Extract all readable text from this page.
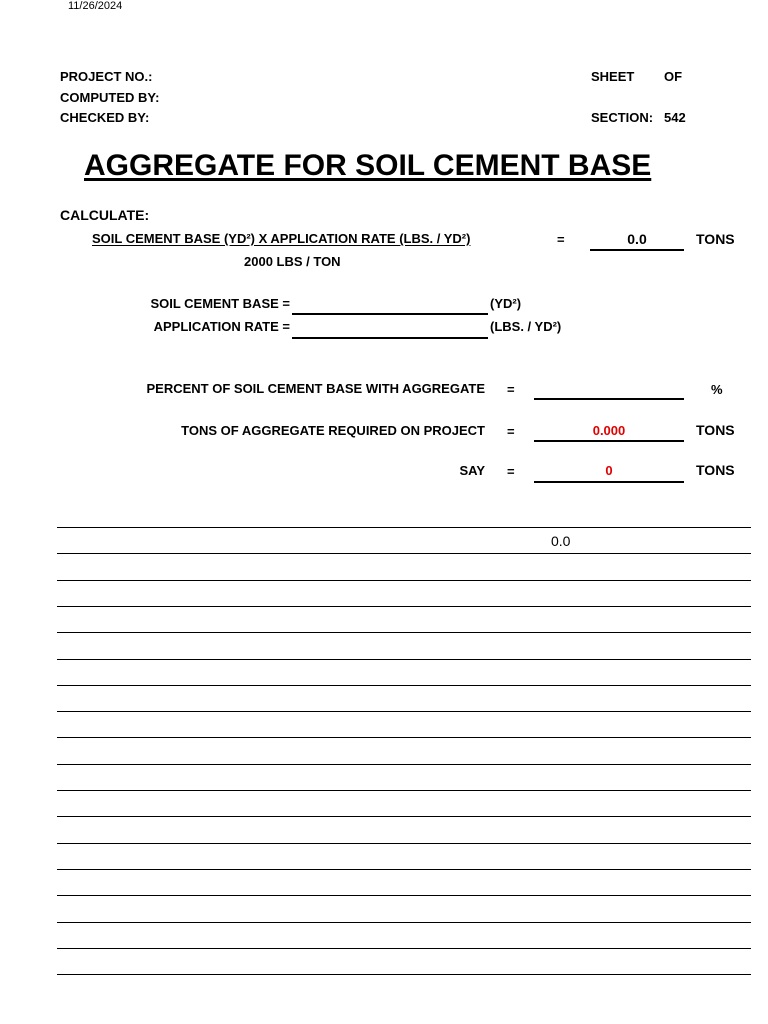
11/26/2024
PROJECT NO.:
COMPUTED BY:
CHECKED BY:
SHEET OF
SECTION: 542
AGGREGATE FOR SOIL CEMENT BASE
CALCULATE:
SOIL CEMENT BASE (YD²) X APPLICATION RATE (LBS. / YD²)
2000 LBS / TON
=	0.0	TONS
SOIL CEMENT BASE =	(YD²)
APPLICATION RATE =	(LBS. / YD²)
PERCENT OF SOIL CEMENT BASE WITH AGGREGATE =	%
TONS OF AGGREGATE REQUIRED ON PROJECT =	0.000	TONS
SAY =	0	TONS
0.0
